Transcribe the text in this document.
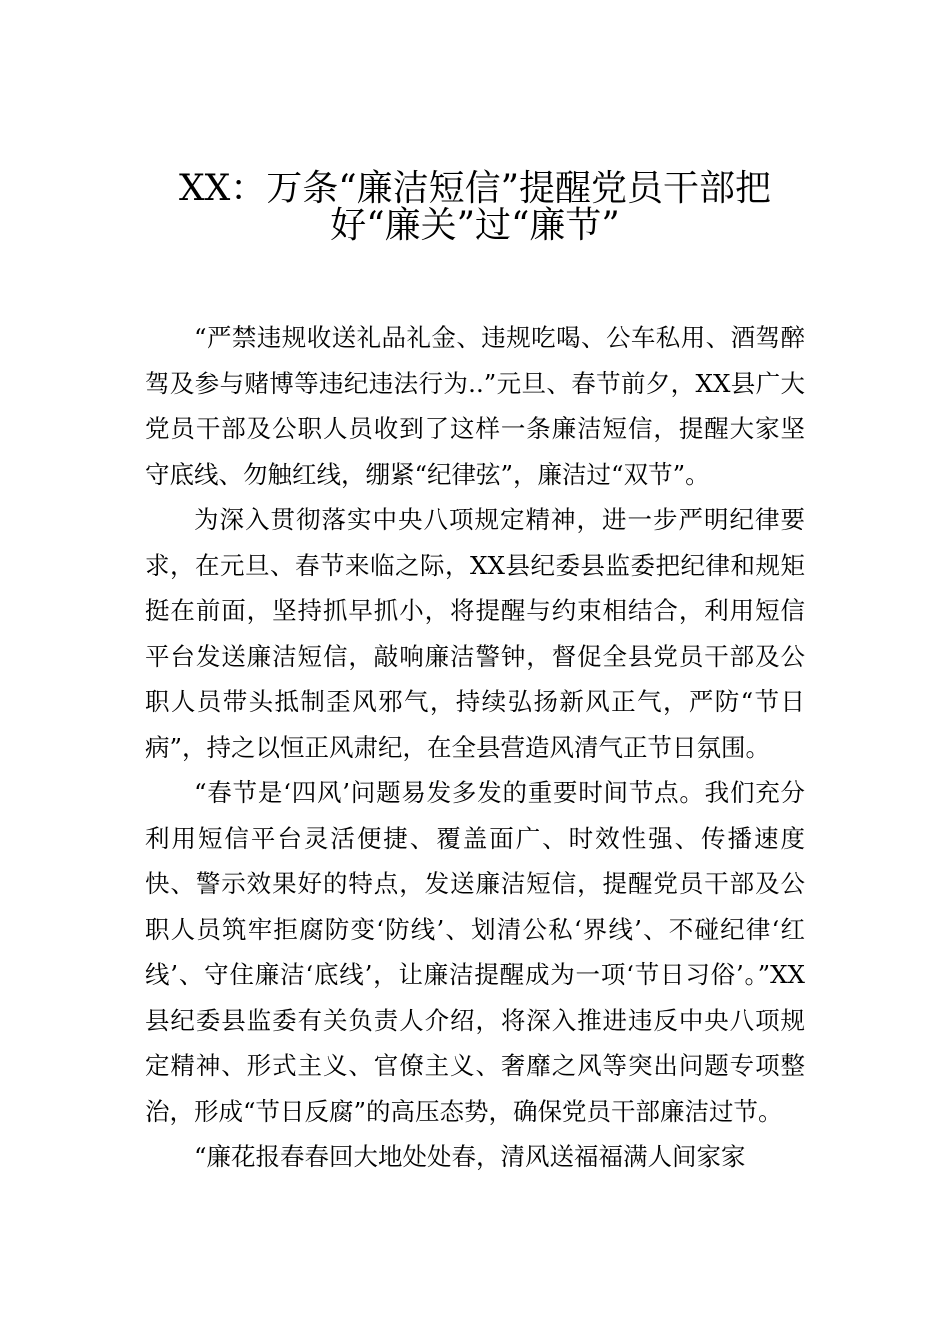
XX：万条“廉洁短信”提醒党员干部把
好“廉关”过“廉节”

“严禁违规收送礼品礼金、违规吃喝、公车私用、酒驾醉驾及参与赌博等违纪违法行为..”元旦、春节前夕，XX县广大党员干部及公职人员收到了这样一条廉洁短信，提醒大家坚守底线、勿触红线，绷紧“纪律弦”，廉洁过“双节”。

为深入贯彻落实中央八项规定精神，进一步严明纪律要求，在元旦、春节来临之际，XX县纪委县监委把纪律和规矩挺在前面，坚持抓早抓小，将提醒与约束相结合，利用短信平台发送廉洁短信，敲响廉洁警钟，督促全县党员干部及公职人员带头抵制歪风邪气，持续弘扬新风正气，严防“节日病”，持之以恒正风肃纪，在全县营造风清气正节日氛围。

“春节是‘四风’问题易发多发的重要时间节点。我们充分利用短信平台灵活便捷、覆盖面广、时效性强、传播速度快、警示效果好的特点，发送廉洁短信，提醒党员干部及公职人员筑牢拒腐防变‘防线’、划清公私‘界线’、不碰纪律‘红线’、守住廉洁‘底线’，让廉洁提醒成为一项‘节日习俗’。”XX县纪委县监委有关负责人介绍，将深入推进违反中央八项规定精神、形式主义、官僚主义、奢靡之风等突出问题专项整治，形成“节日反腐”的高压态势，确保党员干部廉洁过节。

“廉花报春春回大地处处春，清风送福福满人间家家
